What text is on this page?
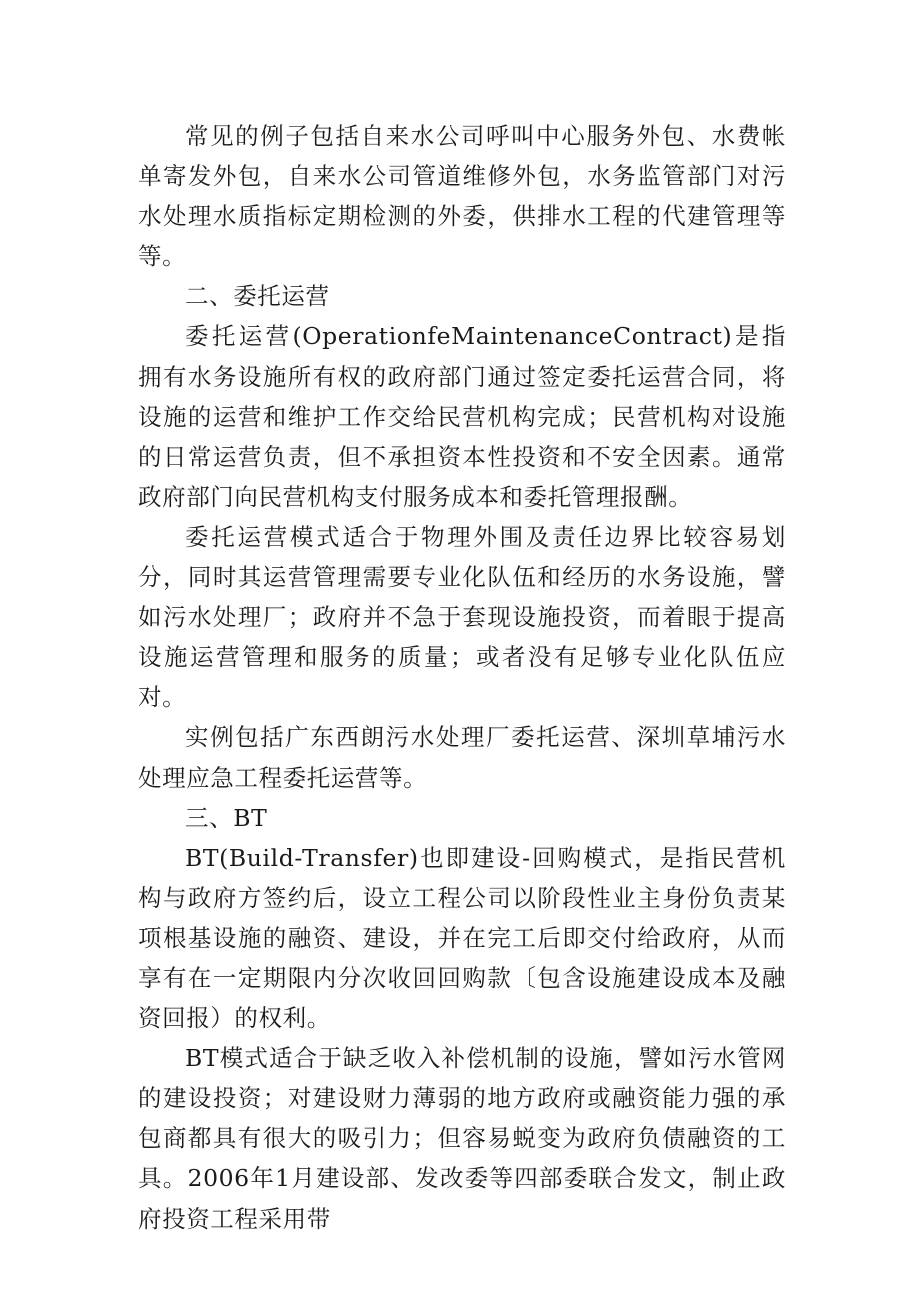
常见的例子包括自来水公司呼叫中心服务外包、水费帐单寄发外包，自来水公司管道维修外包，水务监管部门对污水处理水质指标定期检测的外委，供排水工程的代建管理等等。

二、委托运营

委托运营(OperationfeMaintenanceContract)是指拥有水务设施所有权的政府部门通过签定委托运营合同，将设施的运营和维护工作交给民营机构完成；民营机构对设施的日常运营负责，但不承担资本性投资和不安全因素。通常政府部门向民营机构支付服务成本和委托管理报酬。

委托运营模式适合于物理外围及责任边界比较容易划分，同时其运营管理需要专业化队伍和经历的水务设施，譬如污水处理厂；政府并不急于套现设施投资，而着眼于提高设施运营管理和服务的质量；或者没有足够专业化队伍应对。

实例包括广东西朗污水处理厂委托运营、深圳草埔污水处理应急工程委托运营等。

三、BT

BT(Build-Transfer)也即建设-回购模式，是指民营机构与政府方签约后，设立工程公司以阶段性业主身份负责某项根基设施的融资、建设，并在完工后即交付给政府，从而享有在一定期限内分次收回回购款〔包含设施建设成本及融资回报）的权利。

BT模式适合于缺乏收入补偿机制的设施，譬如污水管网的建设投资；对建设财力薄弱的地方政府或融资能力强的承包商都具有很大的吸引力；但容易蜕变为政府负债融资的工具。2006年1月建设部、发改委等四部委联合发文，制止政府投资工程采用带
